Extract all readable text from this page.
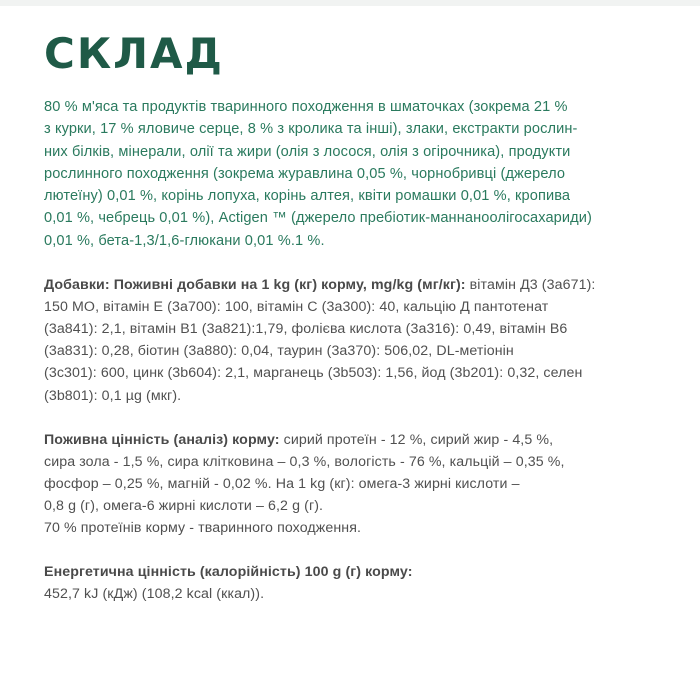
СКЛАД

80 % м'яса та продуктів тваринного походження в шматочках (зокрема 21 %
з курки, 17 % яловиче серце, 8 % з кролика та інші), злаки, екстракти рослин-
них білків, мінерали, олії та жири (олія з лосося, олія з огірочника), продукти
рослинного походження (зокрема журавлина 0,05 %, чорнобривці (джерело
лютеїну) 0,01 %, корінь лопуха, корінь алтея, квіти ромашки 0,01 %, кропива
0,01 %, чебрець 0,01 %), Actigen ™ (джерело пребіотик-маннаноолігосахариди)
0,01 %, бета-1,3/1,6-глюкани 0,01 %.1 %.

Добавки: Поживні добавки на 1 kg (кг) корму, mg/kg (мг/кг): вітамін Д3 (3а671):
150 МО, вітамін Е (3а700): 100, вітамін С (3а300): 40, кальцію Д пантотенат
(3а841): 2,1, вітамін В1 (3а821):1,79, фолієва кислота (3а316): 0,49, вітамін В6
(3а831): 0,28, біотин (3а880): 0,04, таурин (3а370): 506,02, DL-метіонін
(3c301): 600, цинк (3b604): 2,1, марганець (3b503): 1,56, йод (3b201): 0,32, селен
(3b801): 0,1 µg (мкг).

Поживна цінність (аналіз) корму: сирий протеїн - 12 %, сирий жир - 4,5 %,
сира зола - 1,5 %, сира клітковина – 0,3 %, вологість - 76 %, кальцій – 0,35 %,
фосфор – 0,25 %, магній - 0,02 %. На 1 kg (кг): омега-3 жирні кислоти –
0,8 g (г), омега-6 жирні кислоти – 6,2 g (г).
70 % протеїнів корму - тваринного походження.

Енергетична цінність (калорійність) 100 g (г) корму:
452,7 kJ (кДж) (108,2 kcal (ккал)).
